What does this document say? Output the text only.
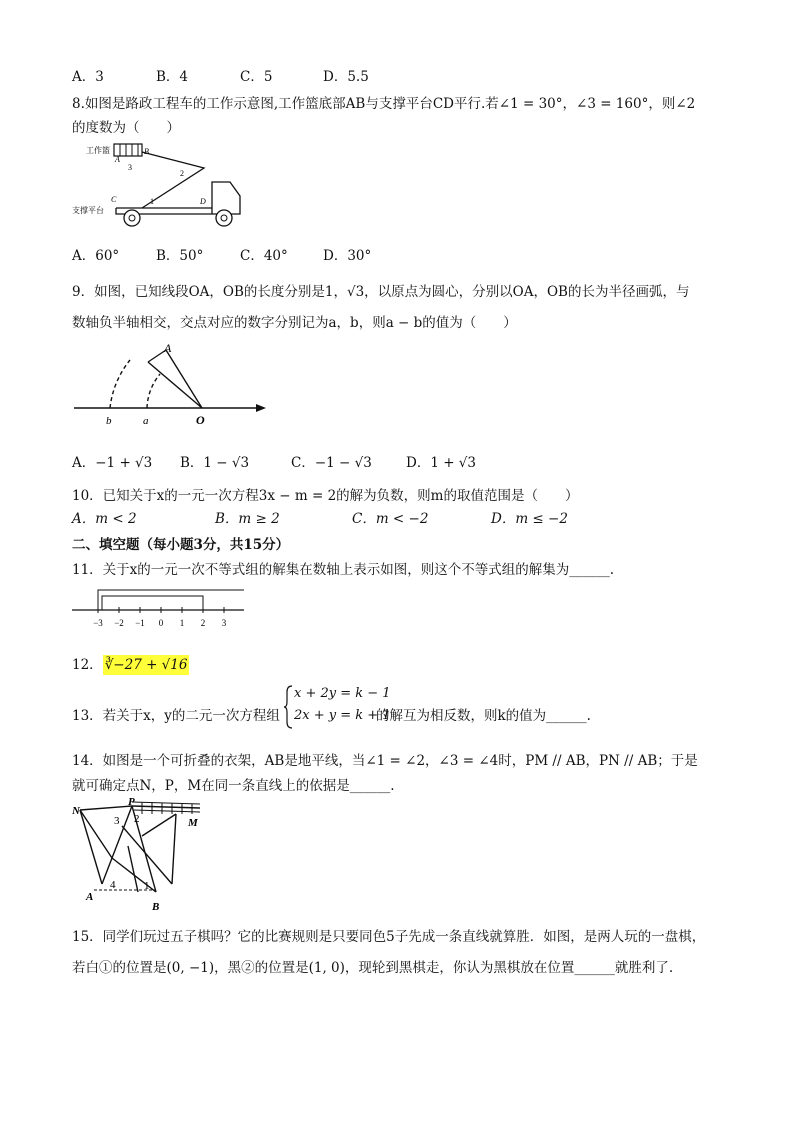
A．3	B．4	C．5	D．5.5
8.如图是路政工程车的工作示意图,工作篮底部AB与支撑平台CD平行.若∠1 = 30°，∠3 = 160°，则∠2
的度数为（　　）
工作篮
A
B
3
2
C
支撑平台
1	D
A．60°	B．50°	C．40°	D．30°
9．如图，已知线段OA，OB的长度分别是1，√3，以原点为圆心，分别以OA，OB的长为半径画弧，与
数轴负半轴相交，交点对应的数字分别记为a，b，则a − b的值为（　　）
A
O
a
b
A．−1 + √3 B．1 − √3	C．−1 − √3	D．1 + √3
10．已知关于x的一元一次方程3x − m = 2的解为负数，则m的取值范围是（　　）
A．m < 2	B．m ≥ 2	C．m < −2	D．m ≤ −2
二、填空题（每小题3分，共15分）
11．关于x的一元一次不等式组的解集在数轴上表示如图，则这个不等式组的解集为______.
−3 −2 −1 0 1 2 3
12． ∛−27 + √16
13．若关于x，y的二元一次方程组
x + 2y = k − 1
2x + y = k + 1
的解互为相反数，则k的值为______.
14．如图是一个可折叠的衣架，AB是地平线，当∠1 = ∠2，∠3 = ∠4时，PM // AB，PN // AB；于是
就可确定点N，P，M在同一条直线上的依据是______.
N
P
M
3 2
4	1
A
B
15．同学们玩过五子棋吗？它的比赛规则是只要同色5子先成一条直线就算胜．如图，是两人玩的一盘棋，
若白①的位置是(0, −1)，黑②的位置是(1, 0)，现轮到黑棋走，你认为黑棋放在位置______就胜利了.
